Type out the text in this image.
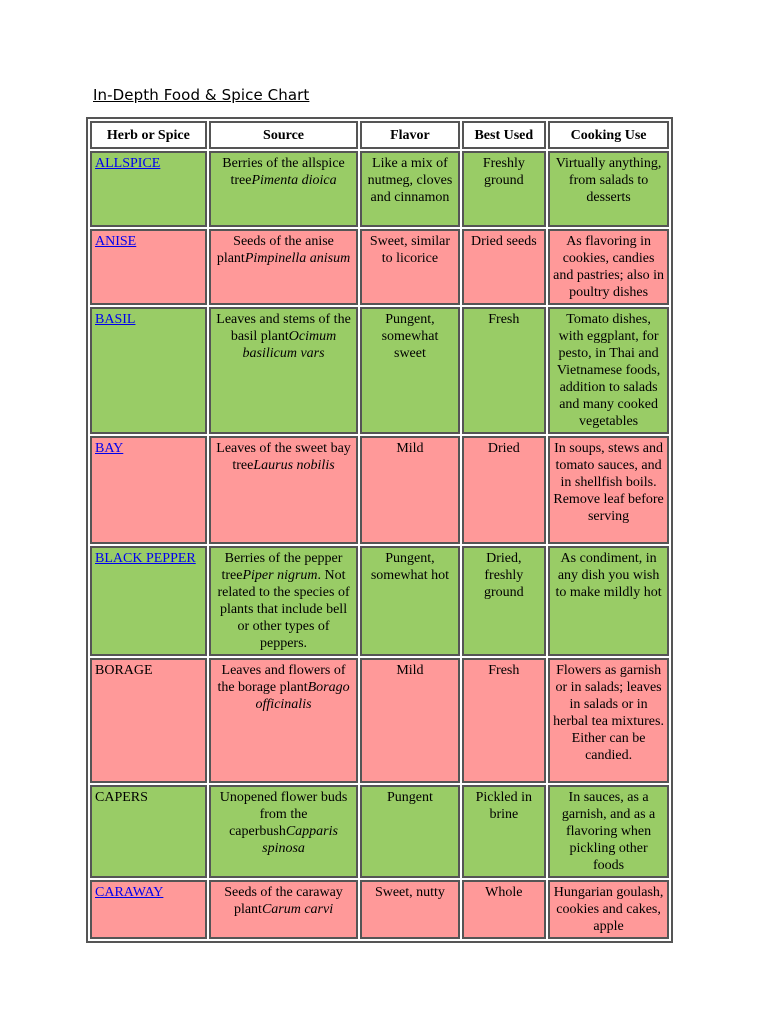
In-Depth Food & Spice Chart
Herb or Spice	Source	Flavor	Best Used	Cooking Use
ALLSPICE	Berries of the allspice treePimenta dioica	Like a mix of nutmeg, cloves and cinnamon	Freshly ground	Virtually anything, from salads to desserts
ANISE	Seeds of the anise plantPimpinella anisum	Sweet, similar to licorice	Dried seeds	As flavoring in cookies, candies and pastries; also in poultry dishes
BASIL	Leaves and stems of the basil plantOcimum basilicum vars	Pungent, somewhat sweet	Fresh	Tomato dishes, with eggplant, for pesto, in Thai and Vietnamese foods, addition to salads and many cooked vegetables
BAY	Leaves of the sweet bay treeLaurus nobilis	Mild	Dried	In soups, stews and tomato sauces, and in shellfish boils. Remove leaf before serving
BLACK PEPPER	Berries of the pepper treePiper nigrum. Not related to the species of plants that include bell or other types of peppers.	Pungent, somewhat hot	Dried, freshly ground	As condiment, in any dish you wish to make mildly hot
BORAGE	Leaves and flowers of the borage plantBorago officinalis	Mild	Fresh	Flowers as garnish or in salads; leaves in salads or in herbal tea mixtures. Either can be candied.
CAPERS	Unopened flower buds from the caperbushCapparis spinosa	Pungent	Pickled in brine	In sauces, as a garnish, and as a flavoring when pickling other foods
CARAWAY	Seeds of the caraway plantCarum carvi	Sweet, nutty	Whole	Hungarian goulash, cookies and cakes, apple
